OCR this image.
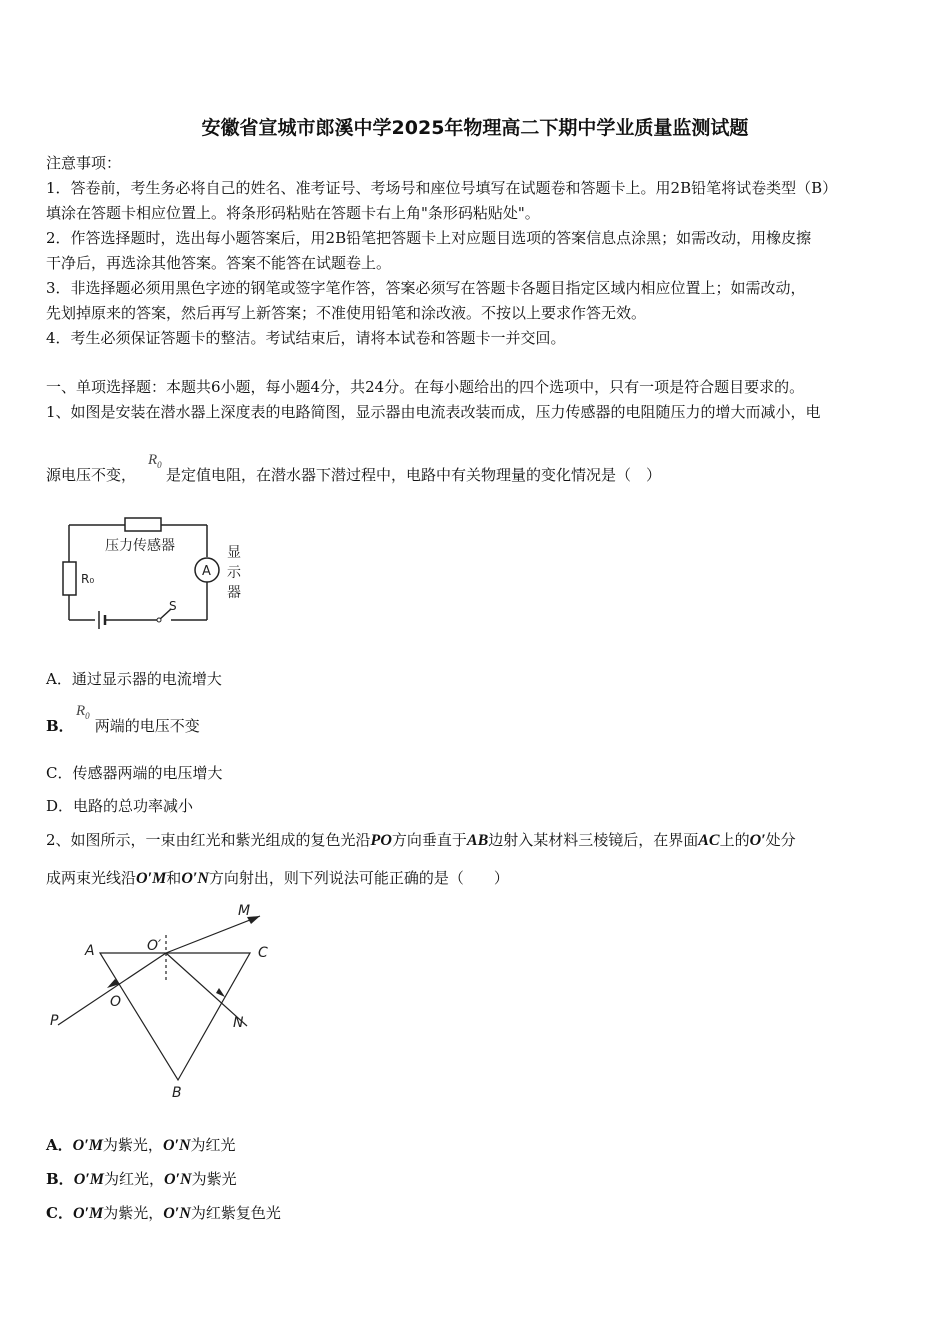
安徽省宣城市郎溪中学2025年物理高二下期中学业质量监测试题
注意事项：
1．答卷前，考生务必将自己的姓名、准考证号、考场号和座位号填写在试题卷和答题卡上。用2B铅笔将试卷类型（B）
填涂在答题卡相应位置上。将条形码粘贴在答题卡右上角"条形码粘贴处"。
2．作答选择题时，选出每小题答案后，用2B铅笔把答题卡上对应题目选项的答案信息点涂黑；如需改动，用橡皮擦
干净后，再选涂其他答案。答案不能答在试题卷上。
3．非选择题必须用黑色字迹的钢笔或签字笔作答，答案必须写在答题卡各题目指定区域内相应位置上；如需改动，
先划掉原来的答案，然后再写上新答案；不准使用铅笔和涂改液。不按以上要求作答无效。
4．考生必须保证答题卡的整洁。考试结束后，请将本试卷和答题卡一并交回。
一、单项选择题：本题共6小题，每小题4分，共24分。在每小题给出的四个选项中，只有一项是符合题目要求的。
1、如图是安装在潜水器上深度表的电路简图，显示器由电流表改装而成，压力传感器的电阻随压力的增大而减小，电
源电压不变， 是定值电阻，在潜水器下潜过程中，电路中有关物理量的变化情况是（　）
$R_0$
压力传感器
R₀	A
显
示
器
S
A．通过显示器的电流增大
B． 两端的电压不变
$R_0$
C．传感器两端的电压增大
D．电路的总功率减小
2、如图所示，一束由红光和紫光组成的复色光沿PO方向垂直于AB边射入某材料三棱镜后，在界面AC上的O′处分
成两束光线沿O′M和O′N方向射出，则下列说法可能正确的是（　　）
A	C
B
O
O′
P
M
N
A．O′M为紫光，O′N为红光
B．O′M为红光，O′N为紫光
C．O′M为紫光，O′N为红紫复色光
